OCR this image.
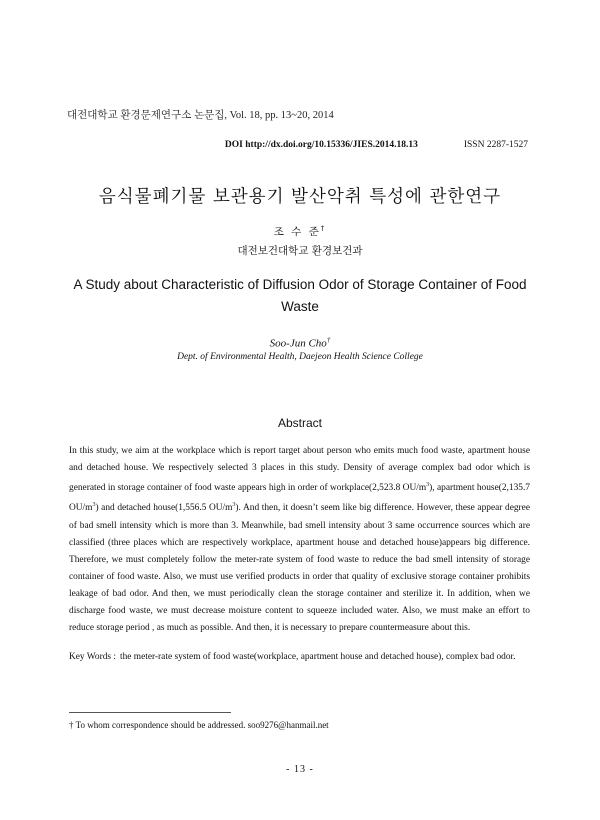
대전대학교 환경문제연구소 논문집, Vol. 18, pp. 13~20, 2014
DOI http://dx.doi.org/10.15336/JIES.2014.18.13	ISSN 2287-1527
음식물폐기물 보관용기 발산악취 특성에 관한연구
조 수 준†
대전보건대학교 환경보건과
A Study about Characteristic of Diffusion Odor of Storage Container of Food Waste
Soo-Jun Cho†
Dept. of Environmental Health, Daejeon Health Science College
Abstract

In this study, we aim at the workplace which is report target about person who emits much food waste, apartment house and detached house. We respectively selected 3 places in this study. Density of average complex bad odor which is generated in storage container of food waste appears high in order of workplace(2,523.8 $OU/m^3$), apartment house(2,135.7 $OU/m^3$) and detached house(1,556.5 $OU/m^3$). And then, it doesn’t seem like big difference. However, these appear degree of bad smell intensity which is more than 3. Meanwhile, bad smell intensity about 3 same occurrence sources which are classified (three places which are respectively workplace, apartment house and detached house)appears big difference. Therefore, we must completely follow the meter-rate system of food waste to reduce the bad smell intensity of storage container of food waste. Also, we must use verified products in order that quality of exclusive storage container prohibits leakage of bad odor. And then, we must periodically clean the storage container and sterilize it. In addition, when we discharge food waste, we must decrease moisture content to squeeze included water. Also, we must make an effort to reduce storage period , as much as possible. And then, it is necessary to prepare countermeasure about this.

Key Words : the meter-rate system of food waste(workplace, apartment house and detached house), complex bad odor.
† To whom correspondence should be addressed. soo9276@hanmail.net
- 13 -
